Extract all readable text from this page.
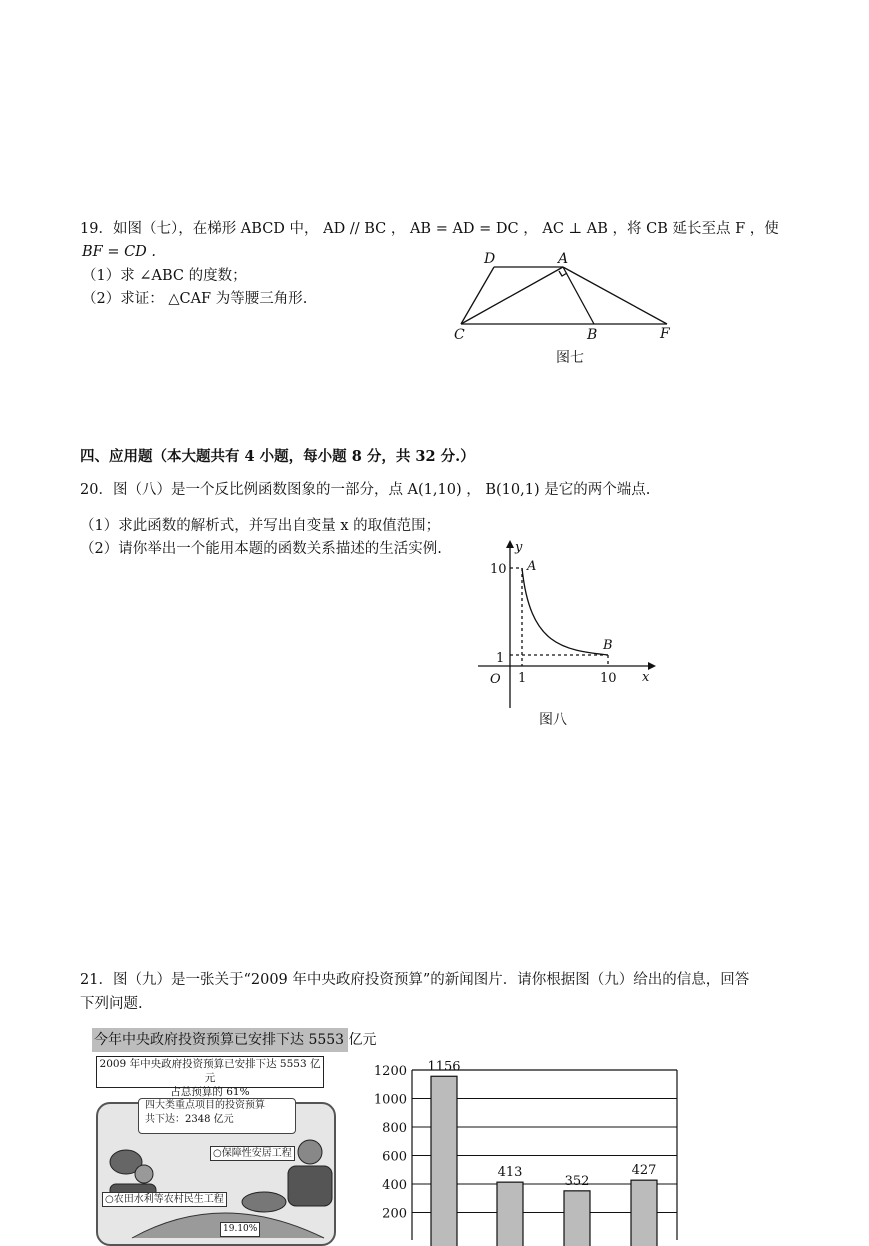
19．如图（七），在梯形 ABCD 中， AD // BC ， AB = AD = DC ， AC ⊥ AB ，将 CB 延长至点 F ，使
BF = CD .
（1）求 ∠ABC 的度数；
（2）求证： △CAF 为等腰三角形.
D	A
C	B	F
图七
四、应用题（本大题共有 4 小题，每小题 8 分，共 32 分.）
20．图（八）是一个反比例函数图象的一部分，点 A(1,10) ， B(10,1) 是它的两个端点.
（1）求此函数的解析式，并写出自变量 x 的取值范围；
（2）请你举出一个能用本题的函数关系描述的生活实例.	y
x
O
A
B
10
1
1	10
图八
21．图（九）是一张关于“2009 年中央政府投资预算”的新闻图片．请你根据图（九）给出的信息，回答
下列问题.
今年中央政府投资预算已安排下达 5553 亿元
2009 年中央政府投资预算已安排下达 5553 亿元
占总预算的 61%
四大类重点项目的投资预算
共下达：2348 亿元
○保障性安居工程
○农田水利等农村民生工程
19.10%
1200
1000
800
600
400
200
1156
413
352
427
